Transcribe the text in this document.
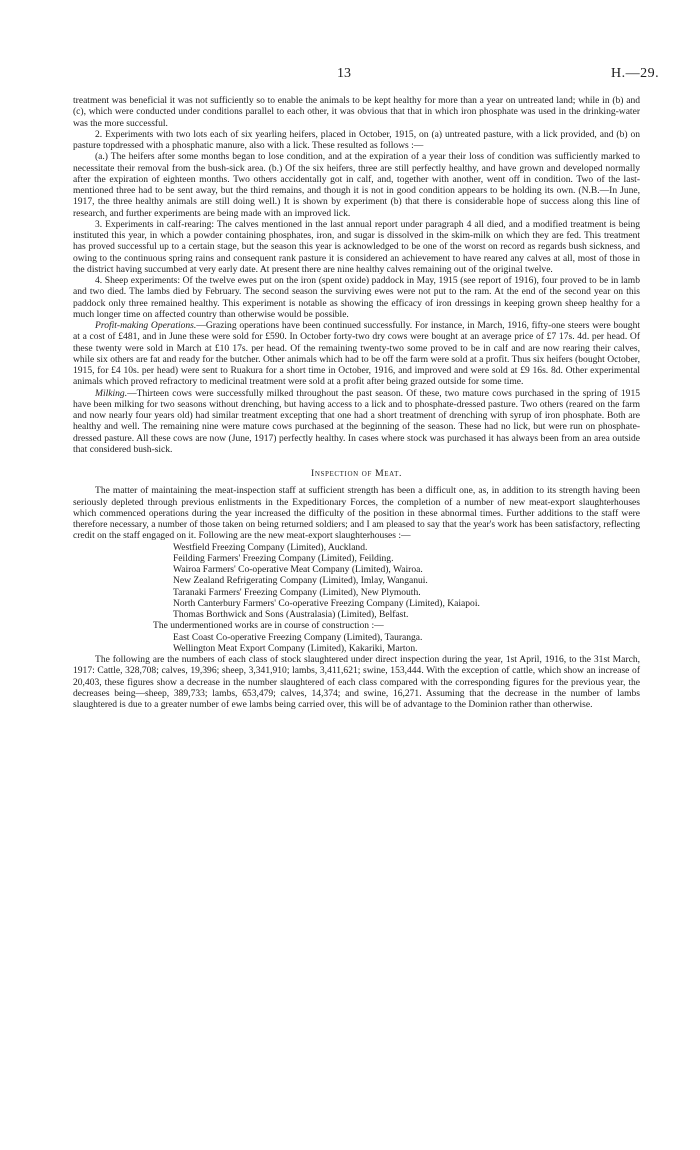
13	H.—29.

treatment was beneficial it was not sufficiently so to enable the animals to be kept healthy for more than a year on untreated land; while in (b) and (c), which were conducted under conditions parallel to each other, it was obvious that that in which iron phosphate was used in the drinking-water was the more successful.

2. Experiments with two lots each of six yearling heifers, placed in October, 1915, on (a) untreated pasture, with a lick provided, and (b) on pasture topdressed with a phosphatic manure, also with a lick. These resulted as follows :—

(a.) The heifers after some months began to lose condition, and at the expiration of a year their loss of condition was sufficiently marked to necessitate their removal from the bush-sick area. (b.) Of the six heifers, three are still perfectly healthy, and have grown and developed normally after the expiration of eighteen months. Two others accidentally got in calf, and, together with another, went off in condition. Two of the last-mentioned three had to be sent away, but the third remains, and though it is not in good condition appears to be holding its own. (N.B.—In June, 1917, the three healthy animals are still doing well.) It is shown by experiment (b) that there is considerable hope of success along this line of research, and further experiments are being made with an improved lick.

3. Experiments in calf-rearing: The calves mentioned in the last annual report under paragraph 4 all died, and a modified treatment is being instituted this year, in which a powder containing phosphates, iron, and sugar is dissolved in the skim-milk on which they are fed. This treatment has proved successful up to a certain stage, but the season this year is acknowledged to be one of the worst on record as regards bush sickness, and owing to the continuous spring rains and consequent rank pasture it is considered an achievement to have reared any calves at all, most of those in the district having succumbed at very early date. At present there are nine healthy calves remaining out of the original twelve.

4. Sheep experiments: Of the twelve ewes put on the iron (spent oxide) paddock in May, 1915 (see report of 1916), four proved to be in lamb and two died. The lambs died by February. The second season the surviving ewes were not put to the ram. At the end of the second year on this paddock only three remained healthy. This experiment is notable as showing the efficacy of iron dressings in keeping grown sheep healthy for a much longer time on affected country than otherwise would be possible.

Profit-making Operations.—Grazing operations have been continued successfully. For instance, in March, 1916, fifty-one steers were bought at a cost of £481, and in June these were sold for £590. In October forty-two dry cows were bought at an average price of £7 17s. 4d. per head. Of these twenty were sold in March at £10 17s. per head. Of the remaining twenty-two some proved to be in calf and are now rearing their calves, while six others are fat and ready for the butcher. Other animals which had to be off the farm were sold at a profit. Thus six heifers (bought October, 1915, for £4 10s. per head) were sent to Ruakura for a short time in October, 1916, and improved and were sold at £9 16s. 8d. Other experimental animals which proved refractory to medicinal treatment were sold at a profit after being grazed outside for some time.

Milking.—Thirteen cows were successfully milked throughout the past season. Of these, two mature cows purchased in the spring of 1915 have been milking for two seasons without drenching, but having access to a lick and to phosphate-dressed pasture. Two others (reared on the farm and now nearly four years old) had similar treatment excepting that one had a short treatment of drenching with syrup of iron phosphate. Both are healthy and well. The remaining nine were mature cows purchased at the beginning of the season. These had no lick, but were run on phosphate-dressed pasture. All these cows are now (June, 1917) perfectly healthy. In cases where stock was purchased it has always been from an area outside that considered bush-sick.

Inspection of Meat.

The matter of maintaining the meat-inspection staff at sufficient strength has been a difficult one, as, in addition to its strength having been seriously depleted through previous enlistments in the Expeditionary Forces, the completion of a number of new meat-export slaughterhouses which commenced operations during the year increased the difficulty of the position in these abnormal times. Further additions to the staff were therefore necessary, a number of those taken on being returned soldiers; and I am pleased to say that the year's work has been satisfactory, reflecting credit on the staff engaged on it. Following are the new meat-export slaughterhouses :—

Westfield Freezing Company (Limited), Auckland.
Feilding Farmers' Freezing Company (Limited), Feilding.
Wairoa Farmers' Co-operative Meat Company (Limited), Wairoa.
New Zealand Refrigerating Company (Limited), Imlay, Wanganui.
Taranaki Farmers' Freezing Company (Limited), New Plymouth.
North Canterbury Farmers' Co-operative Freezing Company (Limited), Kaiapoi.
Thomas Borthwick and Sons (Australasia) (Limited), Belfast.

The undermentioned works are in course of construction :—

East Coast Co-operative Freezing Company (Limited), Tauranga.
Wellington Meat Export Company (Limited), Kakariki, Marton.

The following are the numbers of each class of stock slaughtered under direct inspection during the year, 1st April, 1916, to the 31st March, 1917: Cattle, 328,708; calves, 19,396; sheep, 3,341,910; lambs, 3,411,621; swine, 153,444. With the exception of cattle, which show an increase of 20,403, these figures show a decrease in the number slaughtered of each class compared with the corresponding figures for the previous year, the decreases being—sheep, 389,733; lambs, 653,479; calves, 14,374; and swine, 16,271. Assuming that the decrease in the number of lambs slaughtered is due to a greater number of ewe lambs being carried over, this will be of advantage to the Dominion rather than otherwise.
